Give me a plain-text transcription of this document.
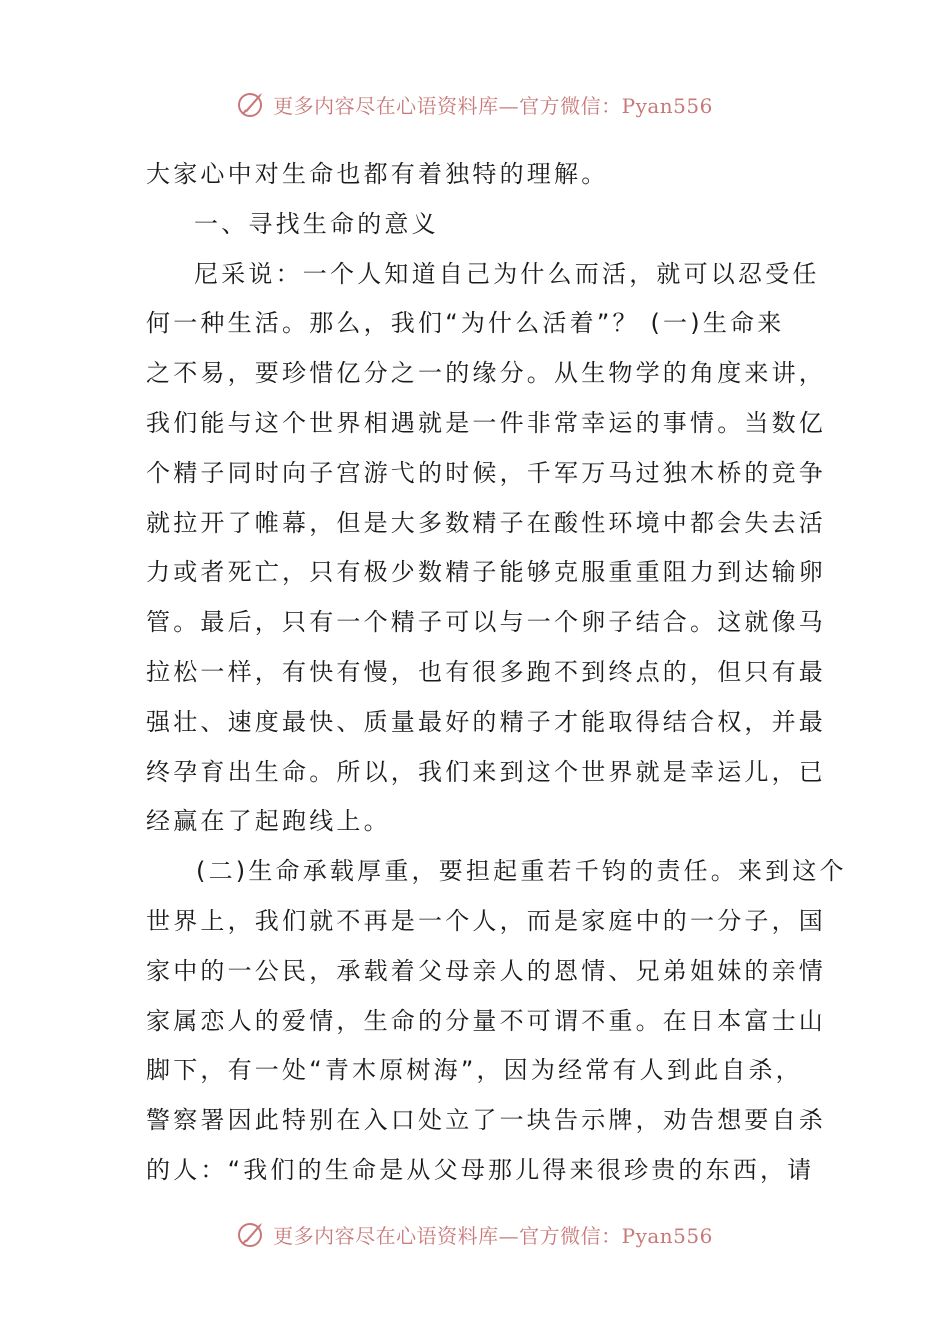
更多内容尽在心语资料库—官方微信：Pyan556
大家心中对生命也都有着独特的理解。
一、寻找生命的意义
尼采说：一个人知道自己为什么而活，就可以忍受任
何一种生活。那么，我们“为什么活着”？ (一)生命来
之不易，要珍惜亿分之一的缘分。从生物学的角度来讲，
我们能与这个世界相遇就是一件非常幸运的事情。当数亿
个精子同时向子宫游弋的时候，千军万马过独木桥的竞争
就拉开了帷幕，但是大多数精子在酸性环境中都会失去活
力或者死亡，只有极少数精子能够克服重重阻力到达输卵
管。最后，只有一个精子可以与一个卵子结合。这就像马
拉松一样，有快有慢，也有很多跑不到终点的，但只有最
强壮、速度最快、质量最好的精子才能取得结合权，并最
终孕育出生命。所以，我们来到这个世界就是幸运儿，已
经赢在了起跑线上。
(二)生命承载厚重，要担起重若千钧的责任。来到这个
世界上，我们就不再是一个人，而是家庭中的一分子，国
家中的一公民，承载着父母亲人的恩情、兄弟姐妹的亲情
家属恋人的爱情，生命的分量不可谓不重。在日本富士山
脚下，有一处“青木原树海”，因为经常有人到此自杀，
警察署因此特别在入口处立了一块告示牌，劝告想要自杀
的人：“我们的生命是从父母那儿得来很珍贵的东西，请
更多内容尽在心语资料库—官方微信：Pyan556
